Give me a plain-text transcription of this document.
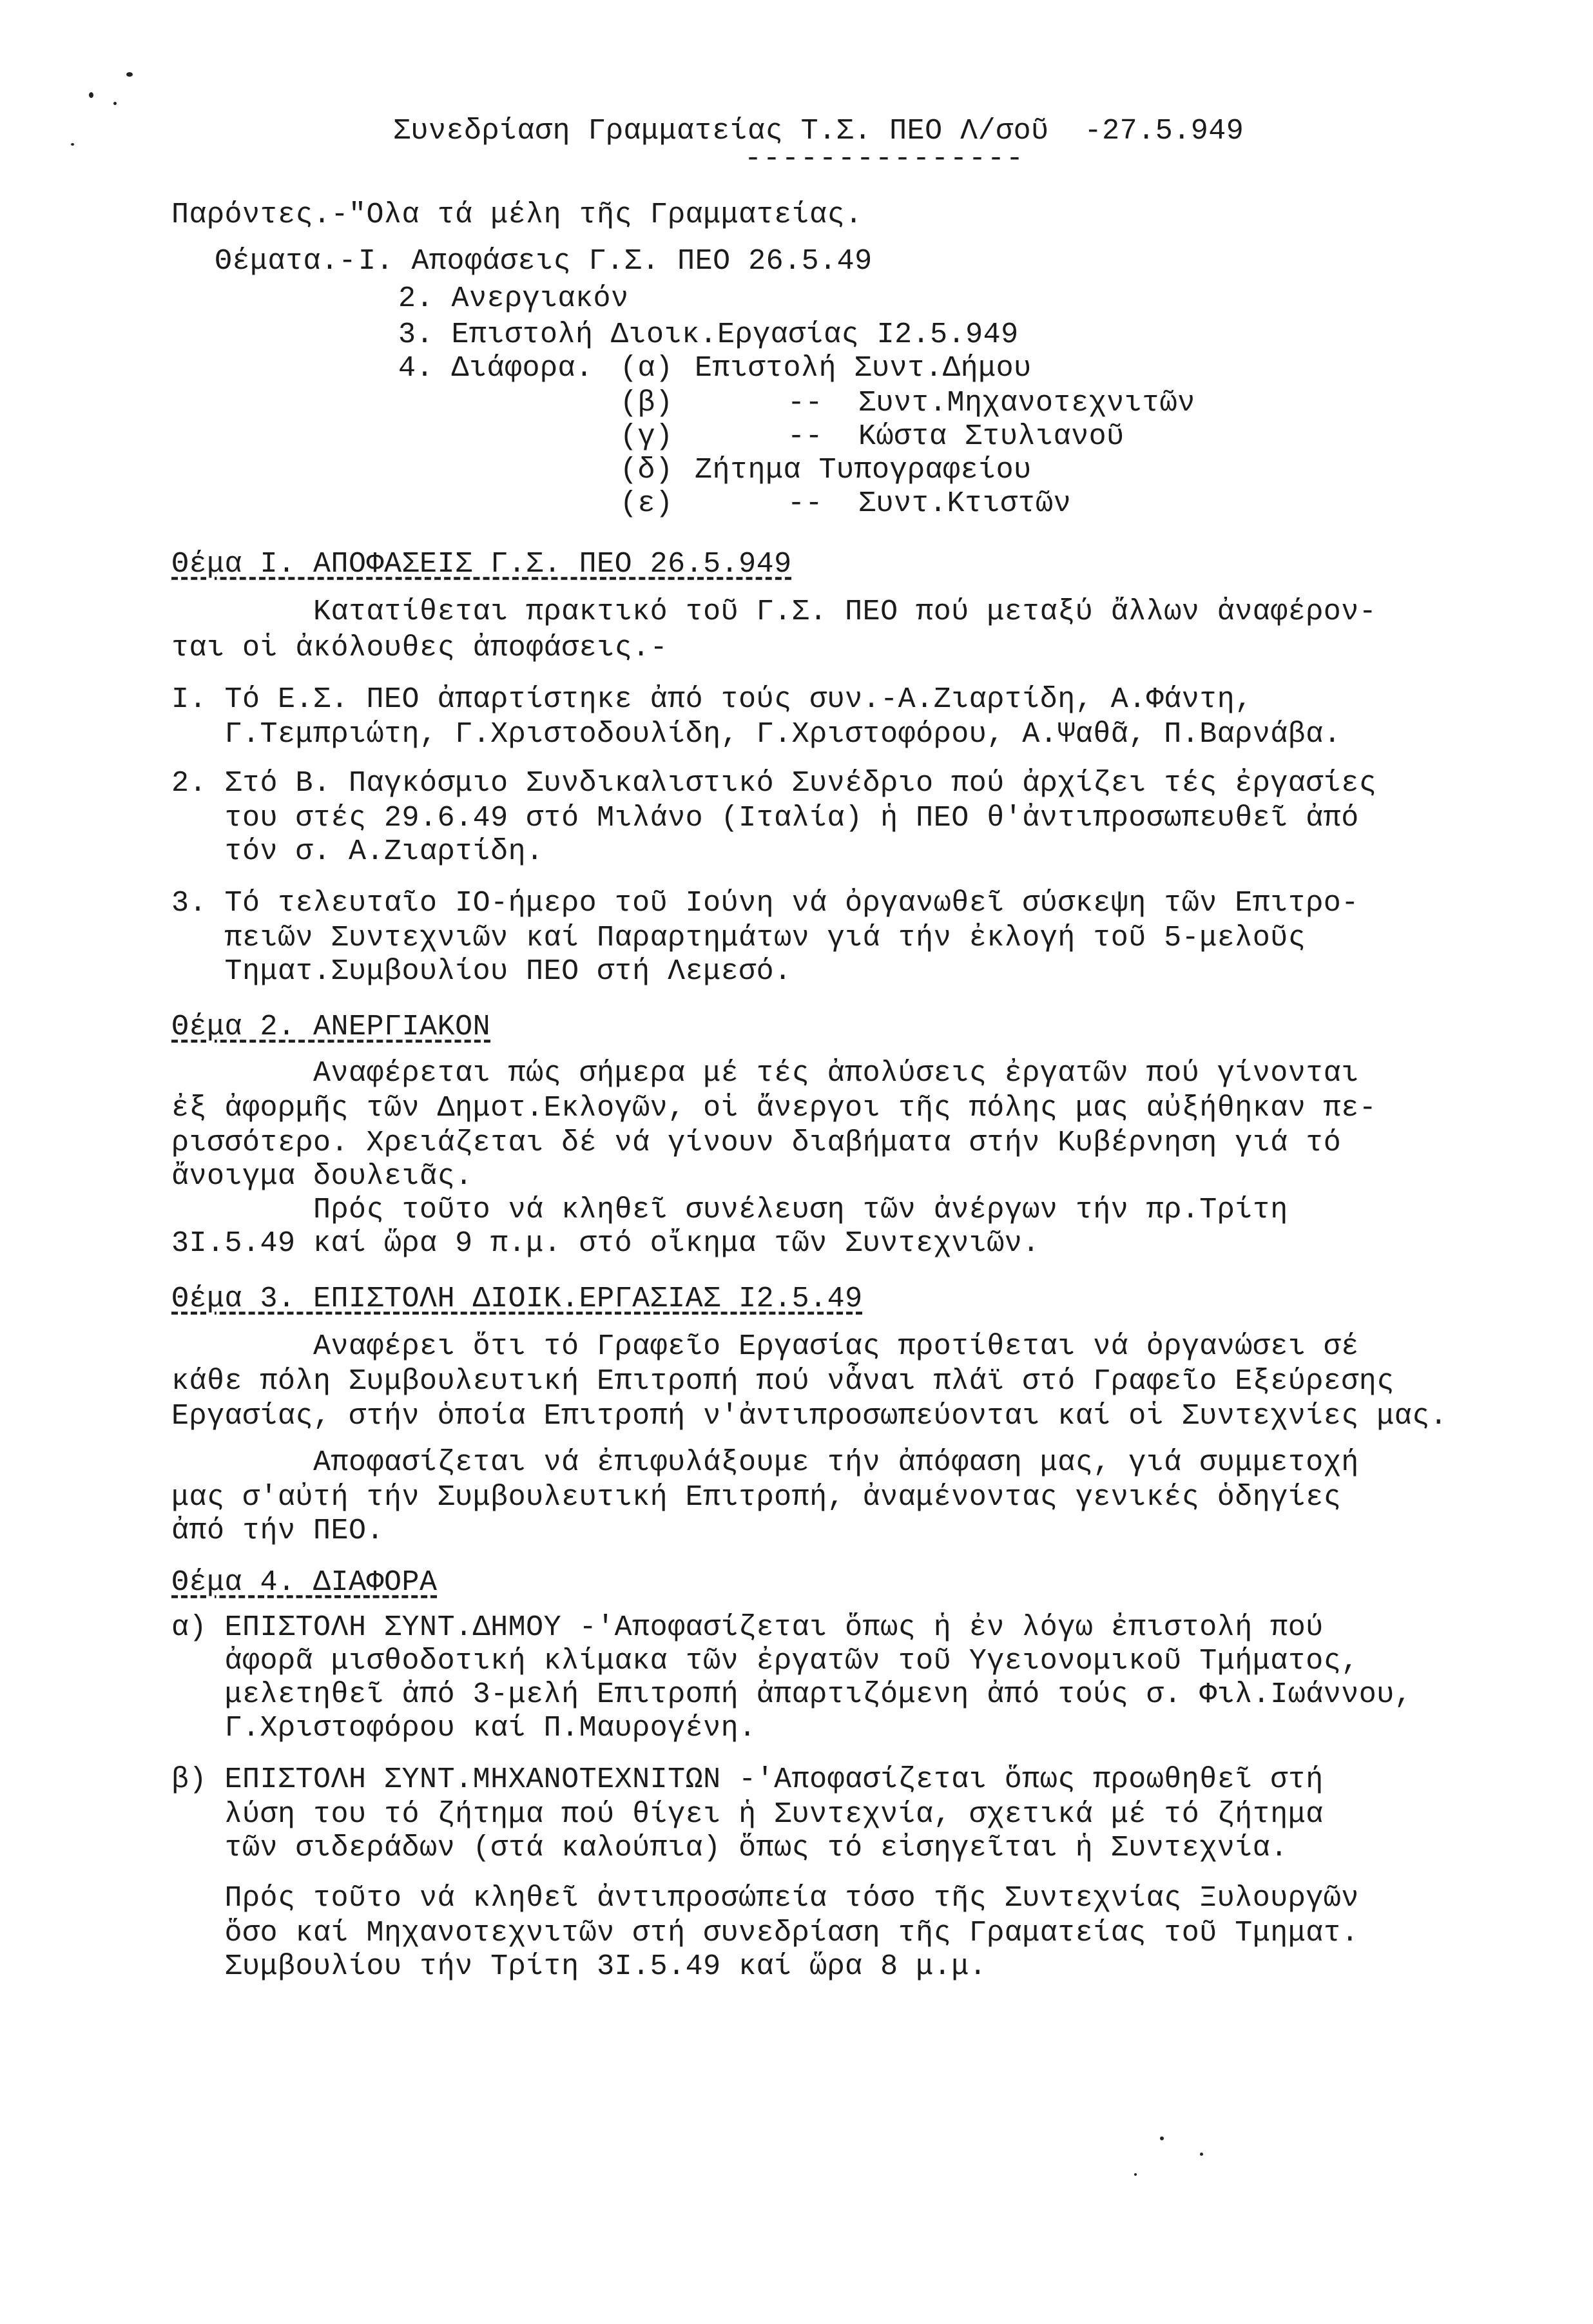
Συνεδρίαση Γραμματείας Τ.Σ. ΠΕΟ Λ/σοῦ  -27.5.949
---------------
Παρόντες.-"Ολα τά μέλη τῆς Γραμματείας.
Θέματα.- Ι. Αποφάσεις Γ.Σ. ΠΕΟ 26.5.49
2. Ανεργιακόν
3. Επιστολή Διοικ.Εργασίας Ι2.5.949
4. Διάφορα. (α)
(β)
(γ)
(δ)
(ε)
Επιστολή Συντ.Δήμου
--  Συντ.Μηχανοτεχνιτῶν
--  Κώστα Στυλιανοῦ
Ζήτημα Τυπογραφείου
--  Συντ.Κτιστῶν
Θέμα Ι. ΑΠΟΦΑΣΕΙΣ Γ.Σ. ΠΕΟ 26.5.949
Κατατίθεται πρακτικό τοῦ Γ.Σ. ΠΕΟ πού μεταξύ ἄλλων ἀναφέρον-
ται οἱ ἀκόλουθες ἀποφάσεις.-
Ι. Τό Ε.Σ. ΠΕΟ ἀπαρτίστηκε ἀπό τούς συν.-Α.Ζιαρτίδη, Α.Φάντη,
Γ.Τεμπριώτη, Γ.Χριστοδουλίδη, Γ.Χριστοφόρου, Α.Ψαθᾶ, Π.Βαρνάβα.
2. Στό Β. Παγκόσμιο Συνδικαλιστικό Συνέδριο πού ἀρχίζει τές ἐργασίες
του στές 29.6.49 στό Μιλάνο (Ιταλία) ἡ ΠΕΟ θ'ἀντιπροσωπευθεῖ ἀπό
τόν σ. Α.Ζιαρτίδη.
3. Τό τελευταῖο ΙΟ-ήμερο τοῦ Ιούνη νά ὀργανωθεῖ σύσκεψη τῶν Επιτρο-
πειῶν Συντεχνιῶν καί Παραρτημάτων γιά τήν ἐκλογή τοῦ 5-μελοῦς
Τηματ.Συμβουλίου ΠΕΟ στή Λεμεσό.
Θέμα 2. ΑΝΕΡΓΙΑΚΟΝ
Αναφέρεται πώς σήμερα μέ τές ἀπολύσεις ἐργατῶν πού γίνονται
ἐξ ἀφορμῆς τῶν Δημοτ.Εκλογῶν, οἱ ἄνεργοι τῆς πόλης μας αὐξήθηκαν πε-
ρισσότερο. Χρειάζεται δέ νά γίνουν διαβήματα στήν Κυβέρνηση γιά τό
ἄνοιγμα δουλειᾶς.
Πρός τοῦτο νά κληθεῖ συνέλευση τῶν ἀνέργων τήν πρ.Τρίτη
3Ι.5.49 καί ὥρα 9 π.μ. στό οἴκημα τῶν Συντεχνιῶν.
Θέμα 3. ΕΠΙΣΤΟΛΗ ΔΙΟΙΚ.ΕΡΓΑΣΙΑΣ Ι2.5.49
Αναφέρει ὅτι τό Γραφεῖο Εργασίας προτίθεται νά ὀργανώσει σέ
κάθε πόλη Συμβουλευτική Επιτροπή πού νἆναι πλάϊ στό Γραφεῖο Εξεύρεσης
Εργασίας, στήν ὁποία Επιτροπή ν'ἀντιπροσωπεύονται καί οἱ Συντεχνίες μας.
Αποφασίζεται νά ἐπιφυλάξουμε τήν ἀπόφαση μας, γιά συμμετοχή
μας σ'αὐτή τήν Συμβουλευτική Επιτροπή, ἀναμένοντας γενικές ὁδηγίες
ἀπό τήν ΠΕΟ.
Θέμα 4. ΔΙΑΦΟΡΑ
α) ΕΠΙΣΤΟΛΗ ΣΥΝΤ.ΔΗΜΟΥ -'Αποφασίζεται ὅπως ἡ ἐν λόγω ἐπιστολή πού
ἀφορᾶ μισθοδοτική κλίμακα τῶν ἐργατῶν τοῦ Υγειονομικοῦ Τμήματος,
μελετηθεῖ ἀπό 3-μελή Επιτροπή ἀπαρτιζόμενη ἀπό τούς σ. Φιλ.Ιωάννου,
Γ.Χριστοφόρου καί Π.Μαυρογένη.
β) ΕΠΙΣΤΟΛΗ ΣΥΝΤ.ΜΗΧΑΝΟΤΕΧΝΙΤΩΝ -'Αποφασίζεται ὅπως προωθηθεῖ στή
λύση του τό ζήτημα πού θίγει ἡ Συντεχνία, σχετικά μέ τό ζήτημα
τῶν σιδεράδων (στά καλούπια) ὅπως τό εἰσηγεῖται ἡ Συντεχνία.
Πρός τοῦτο νά κληθεῖ ἀντιπροσώπεία τόσο τῆς Συντεχνίας Ξυλουργῶν
ὅσο καί Μηχανοτεχνιτῶν στή συνεδρίαση τῆς Γραματείας τοῦ Τμηματ.
Συμβουλίου τήν Τρίτη 3Ι.5.49 καί ὥρα 8 μ.μ.
